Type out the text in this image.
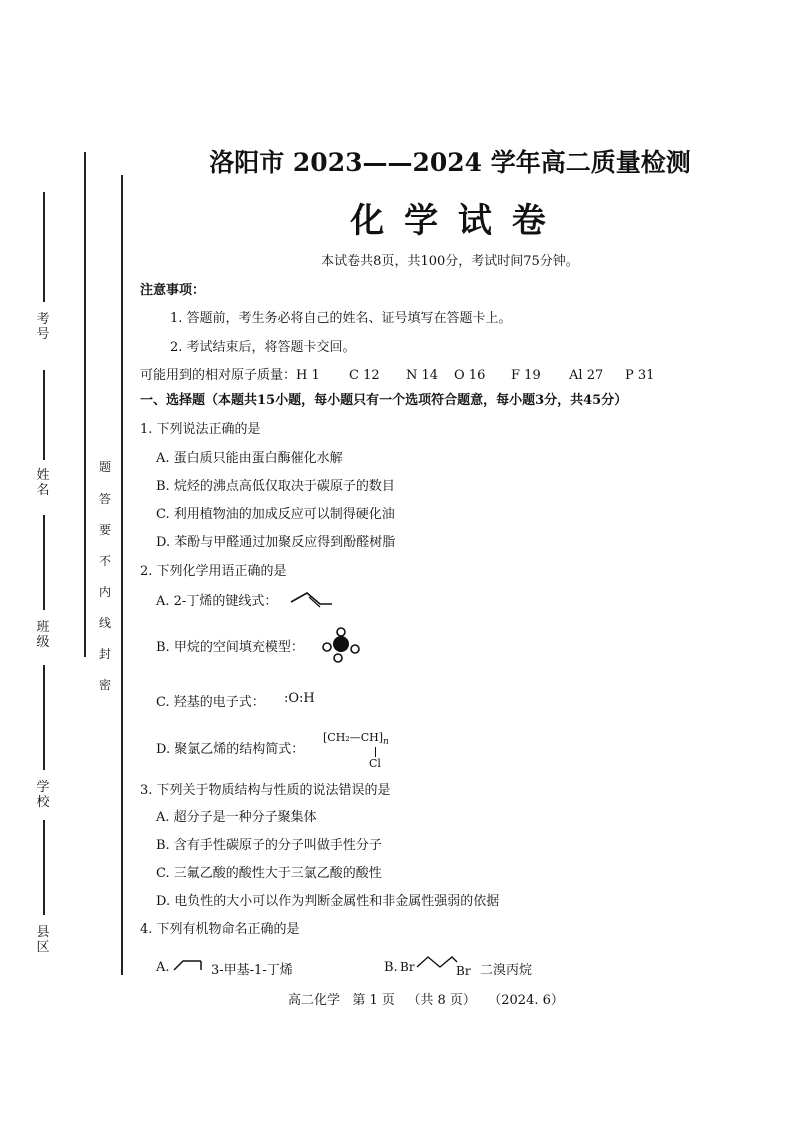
考号
姓名
班级
学校
县区
题
答
要
不
内
线
封
密
洛阳市 2023——2024 学年高二质量检测
化 学 试 卷
本试卷共8页，共100分，考试时间75分钟。
注意事项：
1. 答题前，考生务必将自己的姓名、证号填写在答题卡上。
2. 考试结束后，将答题卡交回。
可能用到的相对原子质量：H 1 C 12 N 14 O 16 F 19 Al 27 P 31
一、选择题（本题共15小题，每小题只有一个选项符合题意，每小题3分，共45分）
1. 下列说法正确的是
A. 蛋白质只能由蛋白酶催化水解
B. 烷烃的沸点高低仅取决于碳原子的数目
C. 利用植物油的加成反应可以制得硬化油
D. 苯酚与甲醛通过加聚反应得到酚醛树脂
2. 下列化学用语正确的是
A. 2-丁烯的键线式：
B. 甲烷的空间填充模型：
C. 羟基的电子式： :O:H
D. 聚氯乙烯的结构简式：
$[CH_2—CH]_n$
Cl
3. 下列关于物质结构与性质的说法错误的是
A. 超分子是一种分子聚集体
B. 含有手性碳原子的分子叫做手性分子
C. 三氟乙酸的酸性大于三氯乙酸的酸性
D. 电负性的大小可以作为判断金属性和非金属性强弱的依据
4. 下列有机物命名正确的是
A.	3-甲基-1-丁烯	B. Br	Br 二溴丙烷
高二化学   第 1 页   （共 8 页）   （2024. 6）
